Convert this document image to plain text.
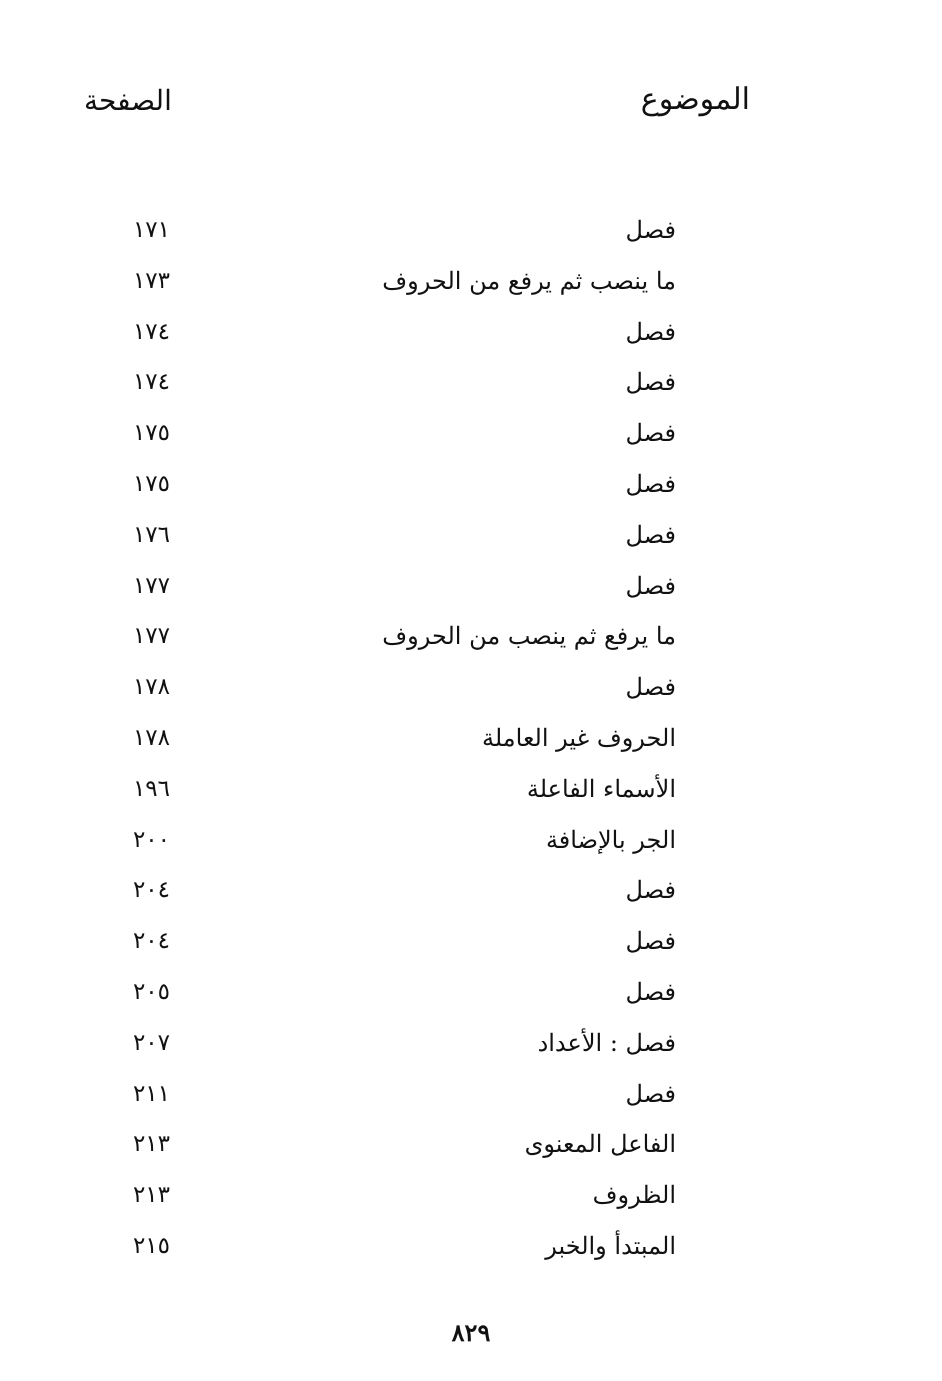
الموضوع
الصفحة
فصل
١٧١
ما ينصب ثم يرفع من الحروف
١٧٣
فصل
١٧٤
فصل
١٧٤
فصل
١٧٥
فصل
١٧٥
فصل
١٧٦
فصل
١٧٧
ما يرفع ثم ينصب من الحروف
١٧٧
فصل
١٧٨
الحروف غير العاملة
١٧٨
الأسماء الفاعلة
١٩٦
الجر بالإضافة
٢٠٠
فصل
٢٠٤
فصل
٢٠٤
فصل
٢٠٥
فصل : الأعداد
٢٠٧
فصل
٢١١
الفاعل المعنوى
٢١٣
الظروف
٢١٣
المبتدأ والخبر
٢١٥
٨٢٩
